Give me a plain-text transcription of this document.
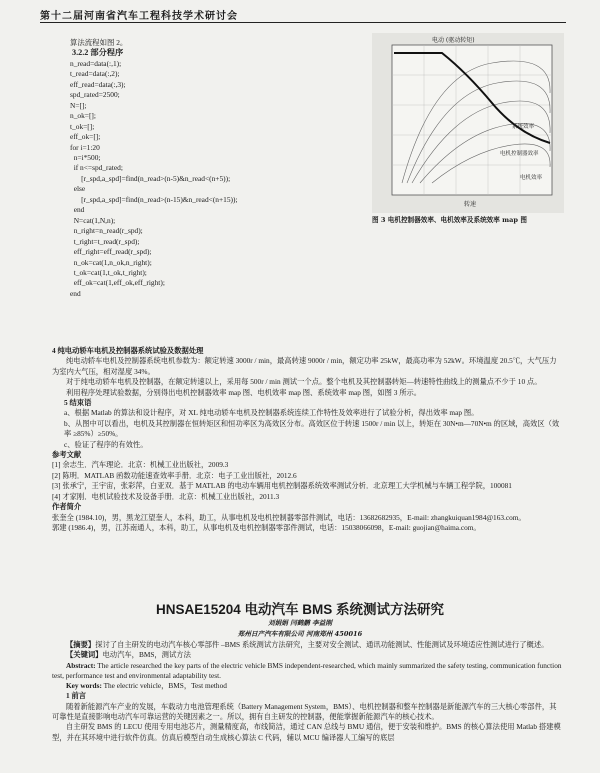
第十二届河南省汽车工程科技学术研讨会
算法流程如图 2。
3.2.2 部分程序
n_read=data(:,1);
t_read=data(:,2);
eff_read=data(:,3);
spd_rated=2500;
N=[];
n_ok=[];
t_ok=[];
eff_ok=[];
for i=1:20
n=i*500;
if n<=spd_rated;
[r_spd,a_spd]=find(n_read>(n-5)&n_read<(n+5));
else
[r_spd,a_spd]=find(n_read>(n-15)&n_read<(n+15));
end
N=cat(1,N,n);
n_right=n_read(r_spd);
t_right=t_read(r_spd);
eff_right=eff_read(r_spd);
n_ok=cat(1,n_ok,n_right);
t_ok=cat(1,t_ok,t_right);
eff_ok=cat(1,eff_ok,eff_right);
end
电动 (驱动转矩)
系统效率
电机控制器效率
电机效率
转速
图 3 电机控制器效率、电机效率及系统效率 map 图

4 纯电动轿车电机及控制器系统试验及数据处理

纯电动轿车电机及控制器系统电机参数为：额定转速 3000r / min，最高转速 9000r / min，额定功率 25kW，最高功率为 52kW。环境温度 20.5℃，大气压力为室内大气压，相对湿度 34%。

对于纯电动轿车电机及控制器，在额定转速以上，采用每 500r / min 测试一个点。整个电机及其控制器转矩—转速特性曲线上的测量点不少于 10 点。

利用程序处理试验数据，分别得出电机控制器效率 map 图、电机效率 map 图、系统效率 map 图，如图 3 所示。

5 结束语

a、根据 Matlab 的算法和设计程序，对 XL 纯电动轿车电机及控制器系统连续工作特性及效率进行了试验分析，得出效率 map 图。

b、从图中可以看出，电机及其控制器在恒转矩区和恒功率区为高效区分布。高效区位于转速 1500r / min 以上，转矩在 30N•m—70N•m 的区域，高效区（效率 ≥85%）≥50%。

c、验证了程序的有效性。

参考文献

[1] 余志生．汽车理论．北京：机械工业出版社，2009.3

[2] 陈明．MATLAB 函数功能速查效率手册．北京：电子工业出版社，2012.6

[3] 张承宁，王宇宙，张彩萍，白亚双．基于 MATLAB 的电动车辆用电机控制器系统效率测试分析．北京理工大学机械与车辆工程学院，100081

[4] 才家刚．电机试验技术及设备手册．北京：机械工业出版社，2011.3

作者简介

张奎全 (1984.10)，男，黑龙江望奎人，本科，助工，从事电机及电机控制器零部件测试，电话：13682682935，E-mail: zhangkuiquan1984@163.com。

郭建 (1986.4)，男，江苏南通人，本科，助工，从事电机及电机控制器零部件测试，电话：15038066098，E-mail: guojian@haima.com。

HNSAE15204 电动汽车 BMS 系统测试方法研究
刘娟娟 闫鹤鹏 李益刚
郑州日产汽车有限公司 河南郑州 450016

【摘要】探讨了自主研发的电动汽车核心零部件 –BMS 系统测试方法研究，主要对安全测试、通讯功能测试、性能测试及环境适应性测试进行了概述。

【关键词】电动汽车，BMS，测试方法

Abstract: The article researched the key parts of the electric vehicle BMS independent-researched, which mainly summarized the safety testing, communication function test, performance test and environmental adaptability test.

Key words: The electric vehicle，BMS，Test method

1 前言

随着新能源汽车产业的发展，车载动力电池管理系统（Battery Management System，BMS）、电机控制器和整车控制器是新能源汽车的三大核心零部件，其可靠性是直接影响电动汽车可靠运营的关键因素之一。所以，拥有自主研发的控制器，便能掌握新能源汽车的核心技术。

自主研发 BMS 的 LECU 使用专用电池芯片，测量精度高，布线简洁，通过 CAN 总线与 BMU 通信，便于安装和维护。BMS 的核心算法使用 Matlab 搭建模型，并在其环境中进行软件仿真。仿真后模型自动生成核心算法 C 代码，辅以 MCU 编译器人工编写的底层
